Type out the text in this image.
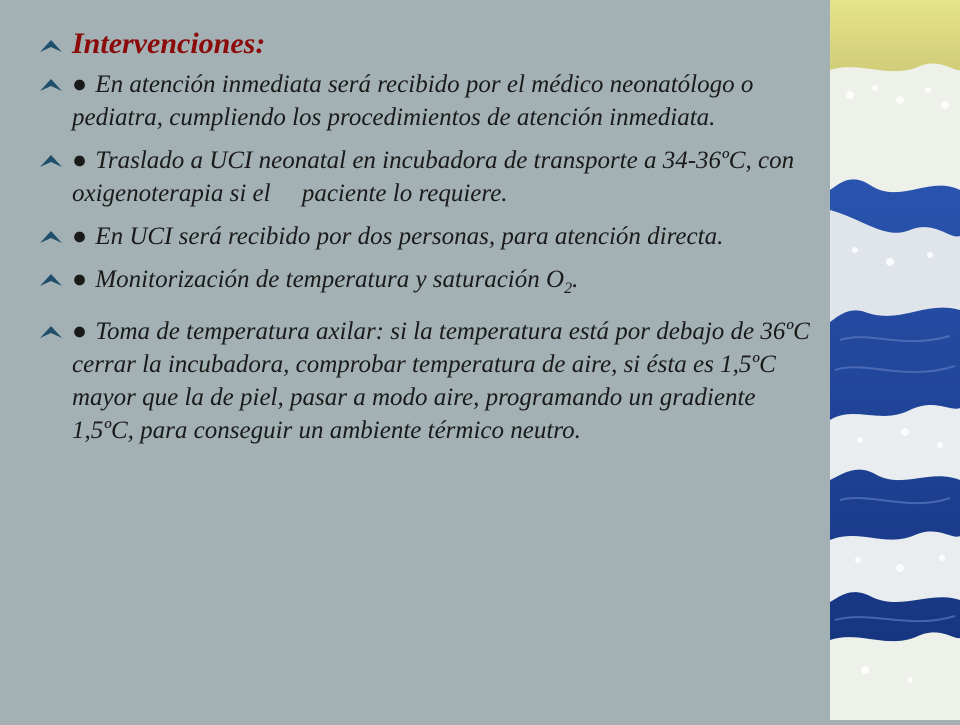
Intervenciones:
● En atención inmediata será recibido por el médico neonatólogo o pediatra, cumpliendo los procedimientos de atención inmediata.
● Traslado a UCI neonatal en incubadora de transporte a 34-36ºC, con oxigenoterapia si el     paciente lo requiere.
● En UCI será recibido por dos personas, para atención directa.
● Monitorización de temperatura y saturación $O_2$.
● Toma de temperatura axilar: si la temperatura está por debajo de 36ºC cerrar la incubadora, comprobar temperatura de aire, si ésta es 1,5ºC mayor que la de piel, pasar a modo aire, programando un gradiente 1,5ºC, para conseguir un ambiente térmico neutro.
